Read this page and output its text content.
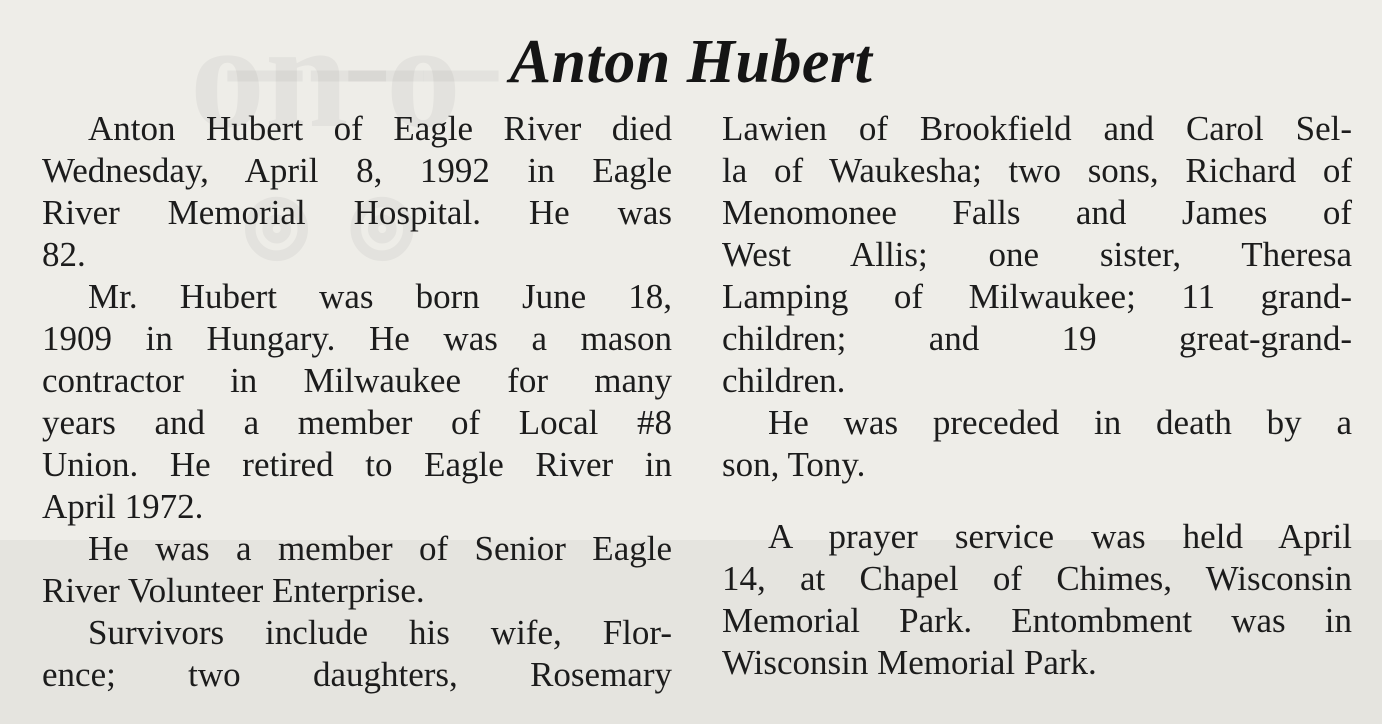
Anton Hubert
Anton Hubert of Eagle River died
Wednesday, April 8, 1992 in Eagle
River Memorial Hospital. He was
82.
Mr. Hubert was born June 18,
1909 in Hungary. He was a mason
contractor in Milwaukee for many
years and a member of Local #8
Union. He retired to Eagle River in
April 1972.
He was a member of Senior Eagle
River Volunteer Enterprise.
Survivors include his wife, Flor-
ence; two daughters, Rosemary
Lawien of Brookfield and Carol Sel-
la of Waukesha; two sons, Richard of
Menomonee Falls and James of
West Allis; one sister, Theresa
Lamping of Milwaukee; 11 grand-
children; and 19 great-grand-
children.
He was preceded in death by a
son, Tony.
A prayer service was held April
14, at Chapel of Chimes, Wisconsin
Memorial Park. Entombment was in
Wisconsin Memorial Park.
